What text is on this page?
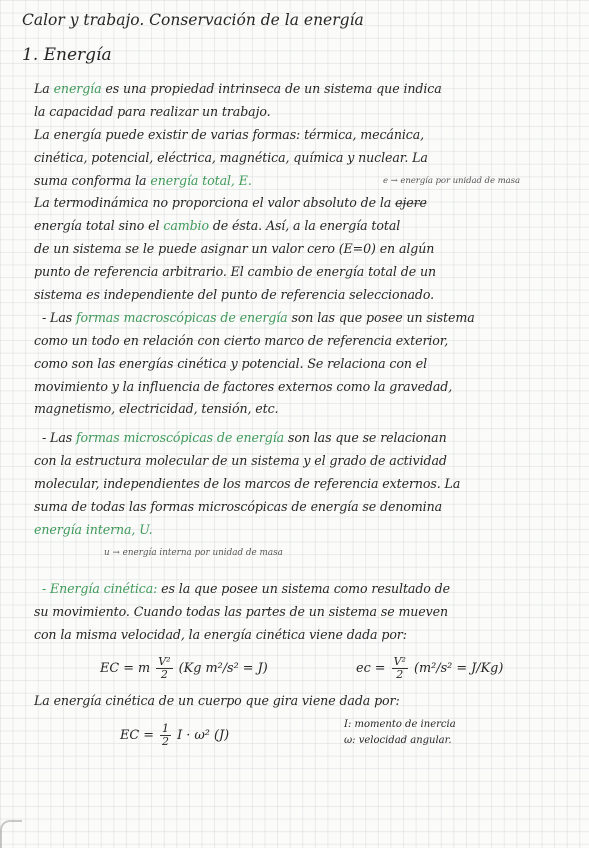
Calor y trabajo. Conservación de la energía
1. Energía
La energía es una propiedad intrinseca de un sistema que indica
la capacidad para realizar un trabajo.
La energía puede existir de varias formas: térmica, mecánica,
cinética, potencial, eléctrica, magnética, química y nuclear. La
suma conforma la energía total, E.	e → energía por unidad de masa
La termodinámica no proporciona el valor absoluto de la e̶j̶e̶r̶e̶
energía total sino el cambio de ésta. Así, a la energía total
de un sistema se le puede asignar un valor cero (E=0) en algún
punto de referencia arbitrario. El cambio de energía total de un
sistema es independiente del punto de referencia seleccionado.
- Las formas macroscópicas de energía son las que posee un sistema
como un todo en relación con cierto marco de referencia exterior,
como son las energías cinética y potencial. Se relaciona con el
movimiento y la influencia de factores externos como la gravedad,
magnetismo, electricidad, tensión, etc.
- Las formas microscópicas de energía son las que se relacionan
con la estructura molecular de un sistema y el grado de actividad
molecular, independientes de los marcos de referencia externos. La
suma de todas las formas microscópicas de energía se denomina
energía interna, U.
u → energía interna por unidad de masa
- Energía cinética: es la que posee un sistema como resultado de
su movimiento. Cuando todas las partes de un sistema se mueven
con la misma velocidad, la energía cinética viene dada por:
EC = m $\frac{\text{V²}}{2} (Kg$ m²/s² = J)	ec = $\frac{\text{V²}}{2} (m^2/s^2 = J/Kg)$
La energía cinética de un cuerpo que gira viene dada por:
EC = $\frac{1}{2}$ I · ω² (J)
I: momento de inercia
ω: velocidad angular.
